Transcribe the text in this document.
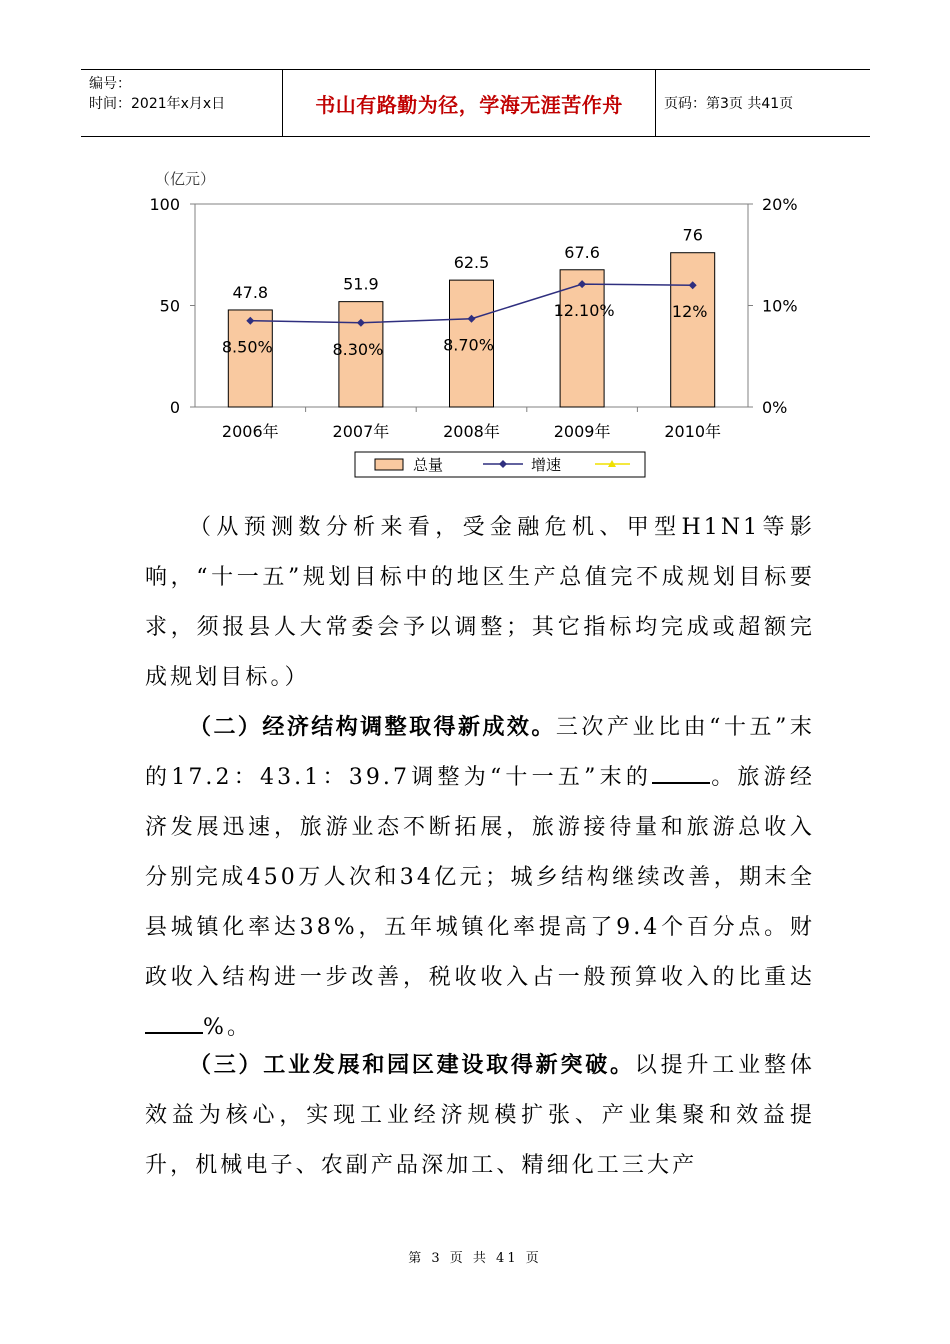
编号：
时间：2021年x月x日	书山有路勤为径，学海无涯苦作舟	页码：第3页 共41页
（亿元）
0
50
100
0%
10%
20%
47.8
2006年
51.9
2007年
62.5
2008年
67.6
2009年
76
2010年
8.50%	8.30%	8.70%
12.10%	12%
总量	增速
（从预测数分析来看，受金融危机、甲型H1N1等影响，“十一五”规划目标中的地区生产总值完不成规划目标要求，须报县人大常委会予以调整；其它指标均完成或超额完成规划目标。）
（二）经济结构调整取得新成效。三次产业比由“十五”末的17.2：43.1：39.7调整为“十一五”末的	。旅游经济发展迅速，旅游业态不断拓展，旅游接待量和旅游总收入分别完成450万人次和34亿元；城乡结构继续改善，期末全县城镇化率达38%，五年城镇化率提高了9.4个百分点。财政收入结构进一步改善，税收收入占一般预算收入的比重达%。
（三）工业发展和园区建设取得新突破。以提升工业整体效益为核心，实现工业经济规模扩张、产业集聚和效益提升，机械电子、农副产品深加工、精细化工三大产
第 3 页 共 41 页
